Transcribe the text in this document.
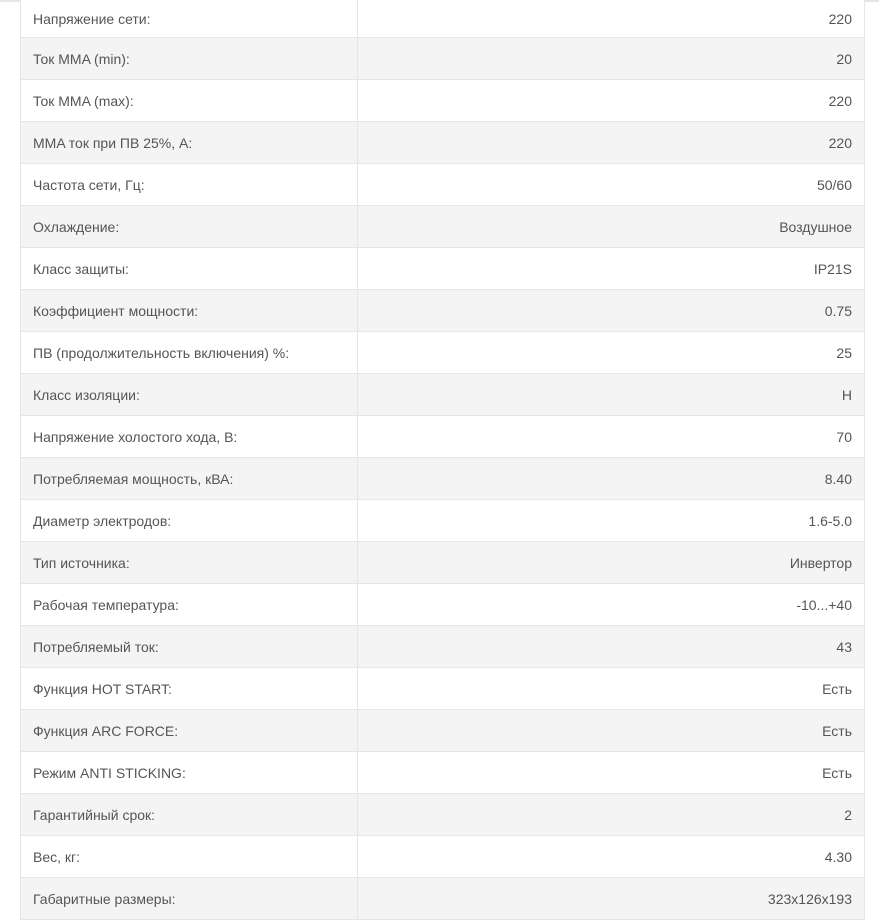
Напряжение сети:	220
Ток MMA (min):	20
Ток MMA (max):	220
MMA ток при ПВ 25%, А:	220
Частота сети, Гц:	50/60
Охлаждение:	Воздушное
Класс защиты:	IP21S
Коэффициент мощности:	0.75
ПВ (продолжительность включения) %:	25
Класс изоляции:	H
Напряжение холостого хода, В:	70
Потребляемая мощность, кВА:	8.40
Диаметр электродов:	1.6-5.0
Тип источника:	Инвертор
Рабочая температура:	-10...+40
Потребляемый ток:	43
Функция HOT START:	Есть
Функция ARC FORCE:	Есть
Режим ANTI STICKING:	Есть
Гарантийный срок:	2
Вес, кг:	4.30
Габаритные размеры:	323x126x193
